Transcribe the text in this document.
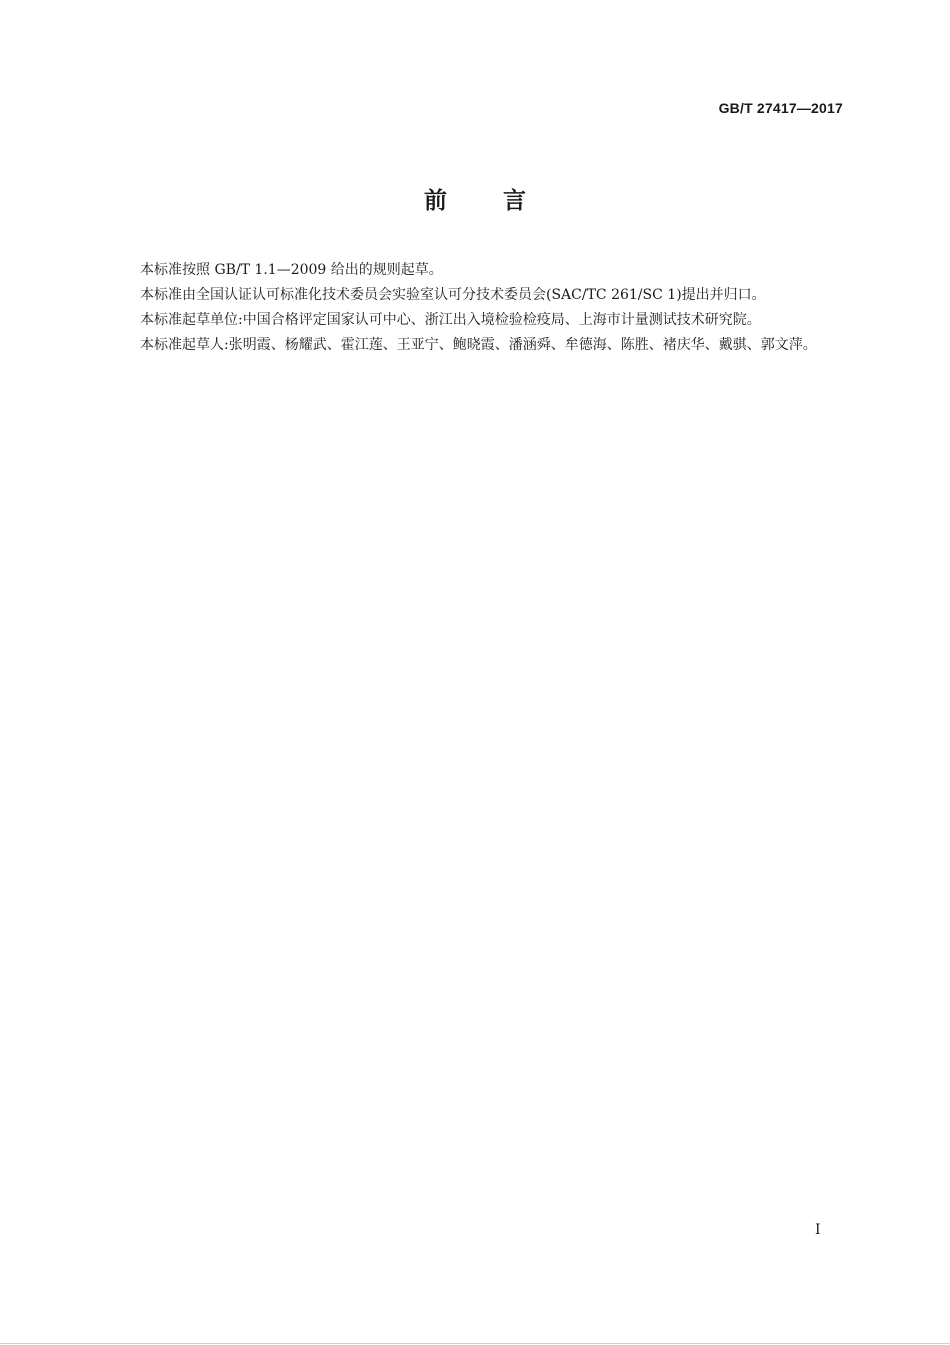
GB/T 27417—2017
前言

本标准按照 GB/T 1.1—2009 给出的规则起草。

本标准由全国认证认可标准化技术委员会实验室认可分技术委员会(SAC/TC 261/SC 1)提出并归口。

本标准起草单位:中国合格评定国家认可中心、浙江出入境检验检疫局、上海市计量测试技术研究院。

本标准起草人:张明霞、杨耀武、霍江莲、王亚宁、鲍晓霞、潘涵舜、牟德海、陈胜、褚庆华、戴骐、郭文萍。

I
